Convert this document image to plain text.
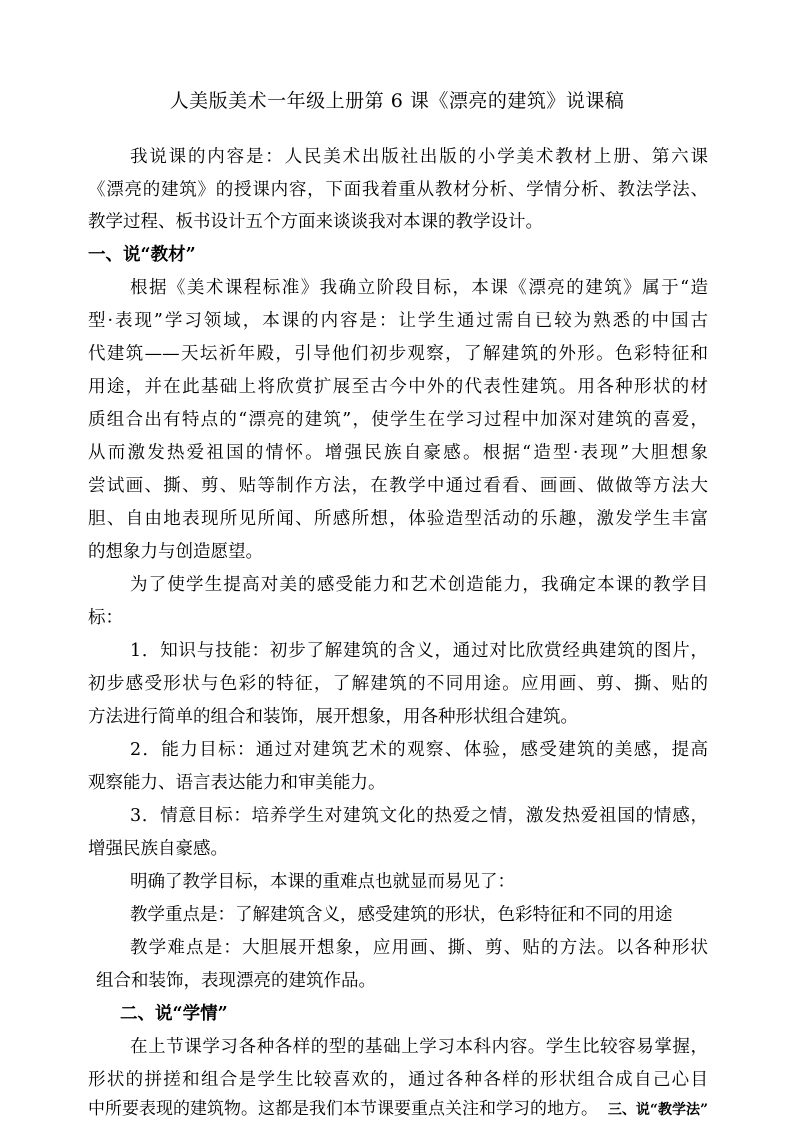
人美版美术一年级上册第 6 课《漂亮的建筑》说课稿
我说课的内容是：人民美术出版社出版的小学美术教材上册、第六课
《漂亮的建筑》的授课内容，下面我着重从教材分析、学情分析、教法学法、
教学过程、板书设计五个方面来谈谈我对本课的教学设计。
一、说“教材”
根据《美术课程标准》我确立阶段目标，本课《漂亮的建筑》属于“造
型·表现”学习领域，本课的内容是：让学生通过需自已较为熟悉的中国古
代建筑——天坛祈年殿，引导他们初步观察，了解建筑的外形。色彩特征和
用途，并在此基础上将欣赏扩展至古今中外的代表性建筑。用各种形状的材
质组合出有特点的“漂亮的建筑”，使学生在学习过程中加深对建筑的喜爱，
从而激发热爱祖国的情怀。增强民族自豪感。根据“造型·表现”大胆想象
尝试画、撕、剪、贴等制作方法，在教学中通过看看、画画、做做等方法大
胆、自由地表现所见所闻、所感所想，体验造型活动的乐趣，激发学生丰富
的想象力与创造愿望。
为了使学生提高对美的感受能力和艺术创造能力，我确定本课的教学目
标：
1．知识与技能：初步了解建筑的含义，通过对比欣赏经典建筑的图片，
初步感受形状与色彩的特征，了解建筑的不同用途。应用画、剪、撕、贴的
方法进行简单的组合和装饰，展开想象，用各种形状组合建筑。
2．能力目标：通过对建筑艺术的观察、体验，感受建筑的美感，提高
观察能力、语言表达能力和审美能力。
3．情意目标：培养学生对建筑文化的热爱之情，激发热爱祖国的情感，
增强民族自豪感。
明确了教学目标，本课的重难点也就显而易见了：
教学重点是：了解建筑含义，感受建筑的形状，色彩特征和不同的用途
教学难点是：大胆展开想象，应用画、撕、剪、贴的方法。以各种形状
组合和装饰，表现漂亮的建筑作品。
二、说“学情”
在上节课学习各种各样的型的基础上学习本科内容。学生比较容易掌握，
形状的拼搓和组合是学生比较喜欢的，通过各种各样的形状组合成自己心目
中所要表现的建筑物。这都是我们本节课要重点关注和学习的地方。 三、说“教学法”
